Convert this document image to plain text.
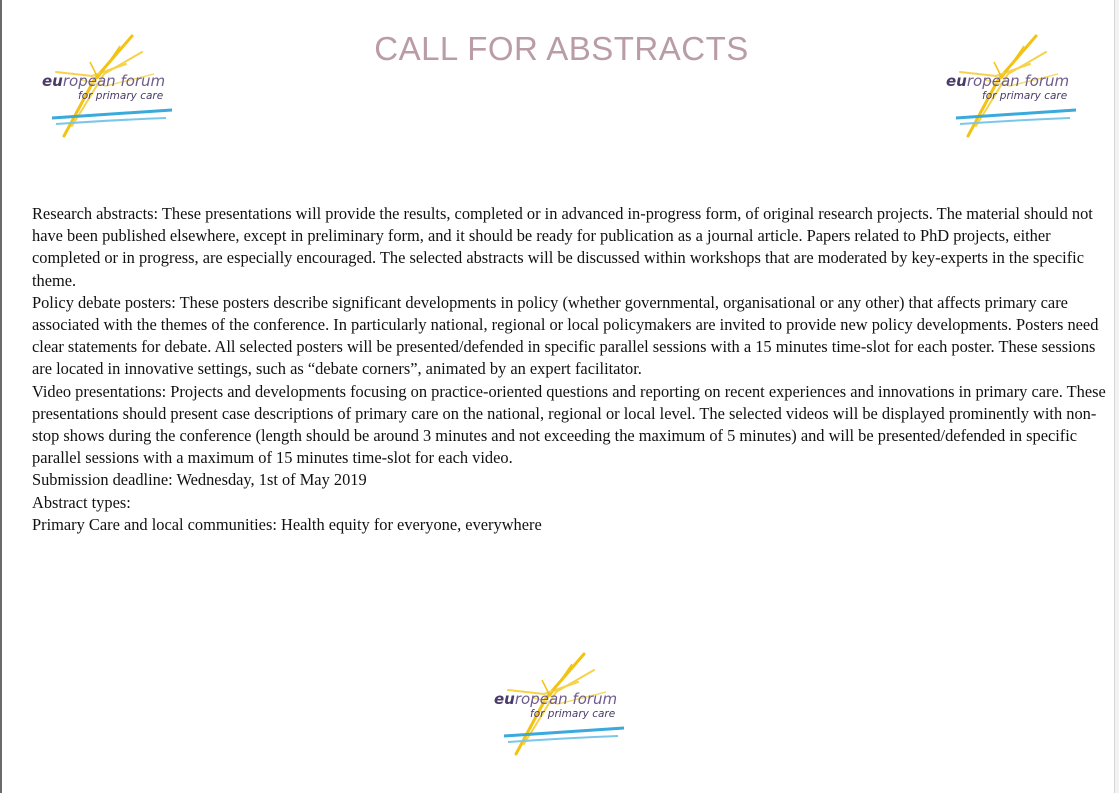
CALL FOR ABSTRACTS
european forum
for primary care
european forum
for primary care

Research abstracts: These presentations will provide the results, completed or in advanced in-progress form, of original research projects. The material should not have been published elsewhere, except in preliminary form, and it should be ready for publication as a journal article. Papers related to PhD projects, either completed or in progress, are especially encouraged. The selected abstracts will be discussed within workshops that are moderated by key-experts in the specific theme.

Policy debate posters: These posters describe significant developments in policy (whether governmental, organisational or any other) that affects primary care associated with the themes of the conference. In particularly national, regional or local policymakers are invited to provide new policy developments. Posters need clear statements for debate. All selected posters will be presented/defended in specific parallel sessions with a 15 minutes time-slot for each poster. These sessions are located in innovative settings, such as “debate corners”, animated by an expert facilitator.

Video presentations: Projects and developments focusing on practice-oriented questions and reporting on recent experiences and innovations in primary care. These presentations should present case descriptions of primary care on the national, regional or local level. The selected videos will be displayed prominently with non-stop shows during the conference (length should be around 3 minutes and not exceeding the maximum of 5 minutes) and will be presented/defended in specific parallel sessions with a maximum of 15 minutes time-slot for each video.

Submission deadline: Wednesday, 1st of May 2019

Abstract types:

Primary Care and local communities: Health equity for everyone, everywhere

european forum
for primary care
